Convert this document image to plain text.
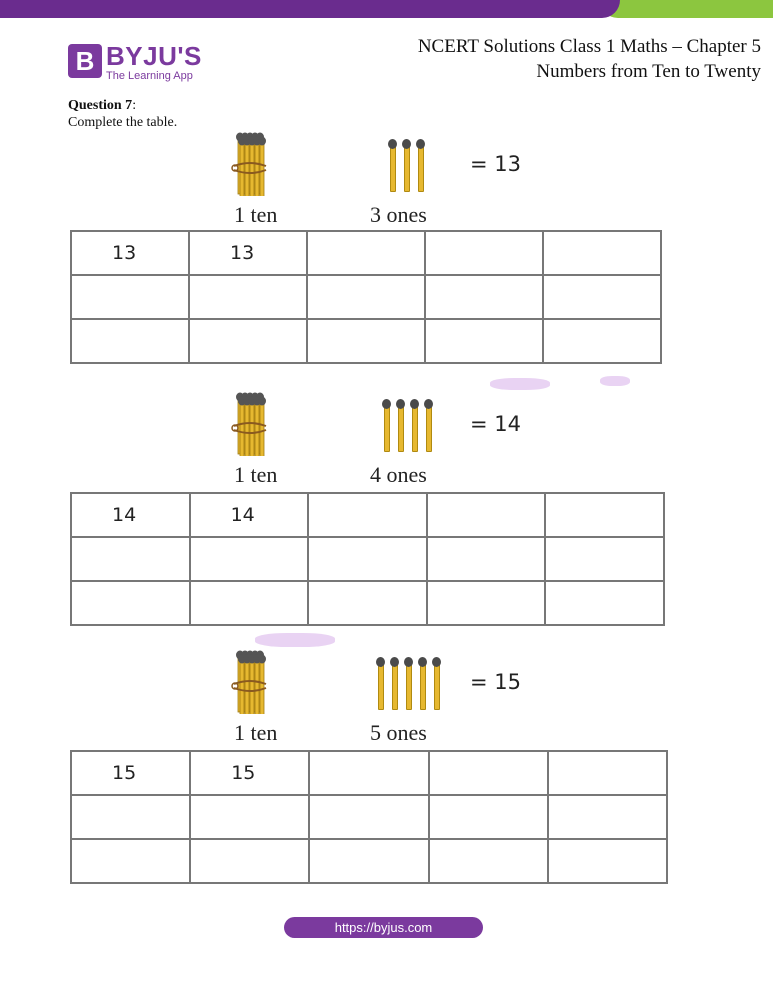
B BYJU'S
The Learning App
NCERT Solutions Class 1 Maths – Chapter 5
Numbers from Ten to Twenty
Question 7:
Complete the table.
= 13
1 ten	3 ones
13	13			

= 14
1 ten	4 ones
14	14			

= 15
1 ten	5 ones
15	15			

https://byjus.com
